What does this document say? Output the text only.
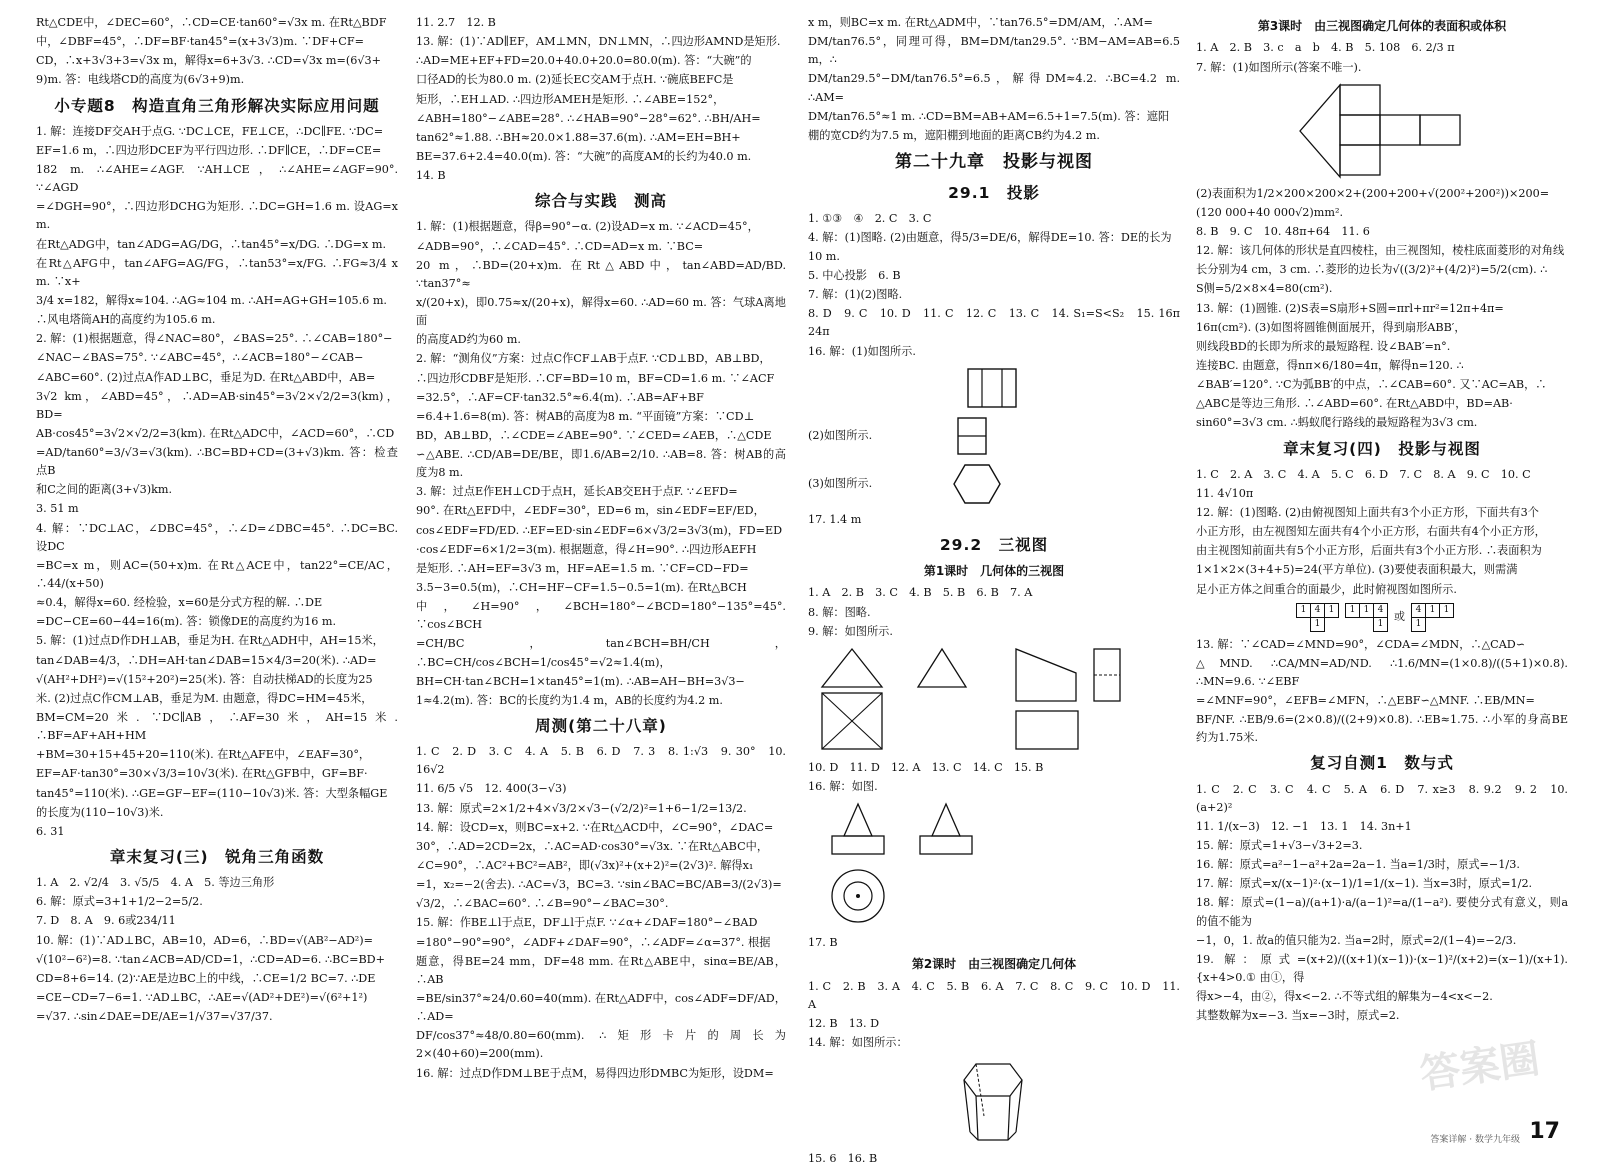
Rt△CDE中，∠DEC=60°，∴CD=CE·tan60°=√3x m. 在Rt△BDF
中，∠DBF=45°，∴DF=BF·tan45°=(x+3√3)m. ∵DF+CF=
CD，∴x+3√3+3=√3x m，解得x=6+3√3. ∴CD=√3x m=(6√3+
9)m. 答：电线塔CD的高度为(6√3+9)m.
小专题8　构造直角三角形解决实际应用问题
1. 解：连接DF交AH于点G. ∵DC⊥CE，FE⊥CE，∴DC∥FE. ∵DC=
EF=1.6 m，∴四边形DCEF为平行四边形. ∴DF∥CE，∴DF=CE=
182 m. ∴∠AHE=∠AGF. ∵AH⊥CE，∴∠AHE=∠AGF=90°. ∵∠AGD
=∠DGH=90°，∴四边形DCHG为矩形. ∴DC=GH=1.6 m. 设AG=x m.
在Rt△ADG中，tan∠ADG=AG/DG，∴tan45°=x/DG. ∴DG=x m.
在Rt△AFG中，tan∠AFG=AG/FG，∴tan53°=x/FG. ∴FG≈3/4 x m. ∵x+
3/4 x=182，解得x≈104. ∴AG≈104 m. ∴AH=AG+GH=105.6 m.
∴风电塔筒AH的高度约为105.6 m.
2. 解：(1)根据题意，得∠NAC=80°，∠BAS=25°. ∴∠CAB=180°−
∠NAC−∠BAS=75°. ∵∠ABC=45°，∴∠ACB=180°−∠CAB−
∠ABC=60°. (2)过点A作AD⊥BC，垂足为D. 在Rt△ABD中，AB=
3√2 km，∠ABD=45°，∴AD=AB·sin45°=3√2×√2/2=3(km)，BD=
AB·cos45°=3√2×√2/2=3(km). 在Rt△ADC中，∠ACD=60°，∴CD
=AD/tan60°=3/√3=√3(km). ∴BC=BD+CD=(3+√3)km. 答：检查点B
和C之间的距离(3+√3)km.
3. 51 m
4. 解：∵DC⊥AC，∠DBC=45°，∴∠D=∠DBC=45°. ∴DC=BC. 设DC
=BC=x m，则AC=(50+x)m. 在Rt△ACE中，tan22°=CE/AC，∴44/(x+50)
≈0.4，解得x=60. 经检验，x=60是分式方程的解. ∴DE
=DC−CE=60−44=16(m). 答：锁像DE的高度约为16 m.
5. 解：(1)过点D作DH⊥AB，垂足为H. 在Rt△ADH中，AH=15米，
tan∠DAB=4/3，∴DH=AH·tan∠DAB=15×4/3=20(米). ∴AD=
√(AH²+DH²)=√(15²+20²)=25(米). 答：自动扶梯AD的长度为25
米. (2)过点C作CM⊥AB，垂足为M. 由题意，得DC=HM=45米，
BM=CM=20米. ∵DC∥AB，∴AF=30米，AH=15米. ∴BF=AF+AH+HM
+BM=30+15+45+20=110(米). 在Rt△AFE中，∠EAF=30°，
EF=AF·tan30°=30×√3/3=10√3(米). 在Rt△GFB中，GF=BF·
tan45°=110(米). ∴GE=GF−EF=(110−10√3)米. 答：大型条幅GE
的长度为(110−10√3)米.
6. 31
章末复习(三)　锐角三角函数
1. A　2. √2/4　3. √5/5　4. A　5. 等边三角形
6. 解：原式=3+1+1/2−2=5/2.
7. D　8. A　9. 6或234/11
10. 解：(1)∵AD⊥BC，AB=10，AD=6，∴BD=√(AB²−AD²)=
√(10²−6²)=8. ∵tan∠ACB=AD/CD=1，∴CD=AD=6. ∴BC=BD+
CD=8+6=14. (2)∵AE是边BC上的中线，∴CE=1/2 BC=7. ∴DE
=CE−CD=7−6=1. ∵AD⊥BC，∴AE=√(AD²+DE²)=√(6²+1²)
=√37. ∴sin∠DAE=DE/AE=1/√37=√37/37.
11. 2.7　12. B
13. 解：(1)∵AD∥EF，AM⊥MN，DN⊥MN，∴四边形AMND是矩形.
∴AD=ME+EF+FD=20.0+40.0+20.0=80.0(m). 答：“大碗”的
口径AD的长为80.0 m. (2)延长EC交AM于点H. ∵碗底BEFC是
矩形，∴EH⊥AD. ∴四边形AMEH是矩形. ∴∠ABE=152°，
∠ABH=180°−∠ABE=28°. ∴∠HAB=90°−28°=62°. ∴BH/AH=
tan62°≈1.88. ∴BH≈20.0×1.88=37.6(m). ∴AM=EH=BH+
BE=37.6+2.4=40.0(m). 答：“大碗”的高度AM的长约为40.0 m.
14. B
综合与实践　测高
1. 解：(1)根据题意，得β=90°−α. (2)设AD=x m. ∵∠ACD=45°，
∠ADB=90°，∴∠CAD=45°. ∴CD=AD=x m. ∵BC=
20 m，∴BD=(20+x)m. 在Rt△ABD中，tan∠ABD=AD/BD. ∵tan37°≈
x/(20+x)，即0.75≈x/(20+x)，解得x=60. ∴AD=60 m. 答：气球A离地面
的高度AD约为60 m.
2. 解：“测角仪”方案：过点C作CF⊥AB于点F. ∵CD⊥BD，AB⊥BD，
∴四边形CDBF是矩形. ∴CF=BD=10 m，BF=CD=1.6 m. ∵∠ACF
=32.5°，∴AF=CF·tan32.5°≈6.4(m). ∴AB=AF+BF
=6.4+1.6=8(m). 答：树AB的高度为8 m. “平面镜”方案：∵CD⊥
BD，AB⊥BD，∴∠CDE=∠ABE=90°. ∵∠CED=∠AEB，∴△CDE
∽△ABE. ∴CD/AB=DE/BE，即1.6/AB=2/10. ∴AB=8. 答：树AB的高度为8 m.
3. 解：过点E作EH⊥CD于点H，延长AB交EH于点F. ∵∠EFD=
90°. 在Rt△EFD中，∠EDF=30°，ED=6 m，sin∠EDF=EF/ED，
cos∠EDF=FD/ED. ∴EF=ED·sin∠EDF=6×√3/2=3√3(m)，FD=ED
·cos∠EDF=6×1/2=3(m). 根据题意，得∠H=90°. ∴四边形AEFH
是矩形. ∴AH=EF=3√3 m，HF=AE=1.5 m. ∵CF=CD−FD=
3.5−3=0.5(m)，∴CH=HF−CF=1.5−0.5=1(m). 在Rt△BCH
中，∠H=90°，∠BCH=180°−∠BCD=180°−135°=45°. ∵cos∠BCH
=CH/BC，tan∠BCH=BH/CH，∴BC=CH/cos∠BCH=1/cos45°=√2≈1.4(m)，
BH=CH·tan∠BCH=1×tan45°=1(m). ∴AB=AH−BH=3√3−
1≈4.2(m). 答：BC的长度约为1.4 m，AB的长度约为4.2 m.
周测(第二十八章)
1. C　2. D　3. C　4. A　5. B　6. D　7. 3　8. 1:√3　9. 30°　10. 16√2
11. 6/5 √5　12. 400(3−√3)
13. 解：原式=2×1/2+4×√3/2×√3−(√2/2)²=1+6−1/2=13/2.
14. 解：设CD=x，则BC=x+2. ∵在Rt△ACD中，∠C=90°，∠DAC=
30°，∴AD=2CD=2x，∴AC=AD·cos30°=√3x. ∵在Rt△ABC中，
∠C=90°，∴AC²+BC²=AB²，即(√3x)²+(x+2)²=(2√3)². 解得x₁
=1，x₂=−2(舍去). ∴AC=√3，BC=3. ∵sin∠BAC=BC/AB=3/(2√3)=
√3/2，∴∠BAC=60°. ∴∠B=90°−∠BAC=30°.
15. 解：作BE⊥l于点E，DF⊥l于点F. ∵∠α+∠DAF=180°−∠BAD
=180°−90°=90°，∠ADF+∠DAF=90°，∴∠ADF=∠α=37°. 根据
题意，得BE=24 mm，DF=48 mm. 在Rt△ABE中，sinα=BE/AB，∴AB
=BE/sin37°≈24/0.60=40(mm). 在Rt△ADF中，cos∠ADF=DF/AD，∴AD=
DF/cos37°≈48/0.80=60(mm). ∴矩形卡片的周长为2×(40+60)=200(mm).
16. 解：过点D作DM⊥BE于点M，易得四边形DMBC为矩形，设DM=
x m，则BC=x m. 在Rt△ADM中，∵tan76.5°=DM/AM，∴AM=
DM/tan76.5°，同理可得，BM=DM/tan29.5°. ∵BM−AM=AB=6.5 m，∴
DM/tan29.5°−DM/tan76.5°=6.5，解得DM≈4.2. ∴BC=4.2 m. ∴AM=
DM/tan76.5°≈1 m. ∴CD=BM=AB+AM=6.5+1=7.5(m). 答：遮阳
棚的宽CD约为7.5 m，遮阳棚到地面的距离CB约为4.2 m.
第二十九章　投影与视图
29.1　投影
1. ①③　④　2. C　3. C
4. 解：(1)图略. (2)由题意，得5/3=DE/6，解得DE=10. 答：DE的长为
10 m.
5. 中心投影　6. B
7. 解：(1)(2)图略.
8. D　9. C　10. D　11. C　12. C　13. C　14. S₁=S<S₂　15. 16π　24π
16. 解：(1)如图所示.
(2)如图所示.
(3)如图所示.
17. 1.4 m
29.2　三视图
第1课时　几何体的三视图
1. A　2. B　3. C　4. B　5. B　6. B　7. A
8. 解：图略.
9. 解：如图所示.
10. D　11. D　12. A　13. C　14. C　15. B
16. 解：如图.
17. B
第2课时　由三视图确定几何体
1. C　2. B　3. A　4. C　5. B　6. A　7. C　8. C　9. C　10. D　11. A
12. B　13. D
14. 解：如图所示：
15. 6　16. B
第3课时　由三视图确定几何体的表面积或体积
1. A　2. B　3. c　a　b　4. B　5. 108　6. 2/3 π
7. 解：(1)如图所示(答案不唯一).
(2)表面积为1/2×200×200×2+(200+200+√(200²+200²))×200=
(120 000+40 000√2)mm².
8. B　9. C　10. 48π+64　11. 6
12. 解：该几何体的形状是直四棱柱，由三视图知，棱柱底面菱形的对角线
长分别为4 cm，3 cm. ∴菱形的边长为√((3/2)²+(4/2)²)=5/2(cm). ∴
S侧=5/2×8×4=80(cm²).
13. 解：(1)圆锥. (2)S表=S扇形+S圆=πrl+πr²=12π+4π=
16π(cm²). (3)如图将圆锥侧面展开，得到扇形ABB′，
则线段BD的长即为所求的最短路程. 设∠BAB′=n°.
连接BC. 由题意，得nπ×6/180=4π，解得n=120. ∴
∠BAB′=120°. ∵C为弧BB′的中点，∴∠CAB=60°. 又∵AC=AB，∴
△ABC是等边三角形. ∴∠ABD=60°. 在Rt△ABD中，BD=AB·
sin60°=3√3 cm. ∴蚂蚁爬行路线的最短路程为3√3 cm.
章末复习(四)　投影与视图
1. C　2. A　3. C　4. A　5. C　6. D　7. C　8. A　9. C　10. C
11. 4√10π
12. 解：(1)图略. (2)由俯视图知上面共有3个小正方形，下面共有3个
小正方形，由左视图知左面共有4个小正方形，右面共有4个小正方形，
由主视图知前面共有5个小正方形，后面共有3个小正方形. ∴表面积为
1×1×2×(3+4+5)=24(平方单位). (3)要使表面积最大，则需满
足小正方体之间重合的面最少，此时俯视图如图所示.
1	4	1
	1	
1	1	4
		1
或
4	1	1
1		
13. 解：∵∠CAD=∠MND=90°，∠CDA=∠MDN，∴△CAD∽
△MND. ∴CA/MN=AD/ND. ∴1.6/MN=(1×0.8)/((5+1)×0.8). ∴MN=9.6. ∵∠EBF
=∠MNF=90°，∠EFB=∠MFN，∴△EBF∽△MNF. ∴EB/MN=
BF/NF. ∴EB/9.6=(2×0.8)/((2+9)×0.8). ∴EB≈1.75. ∴小军的身高BE约为1.75米.
复习自测1　数与式
1. C　2. C　3. C　4. C　5. A　6. D　7. x≥3　8. 9.2　9. 2　10. (a+2)²
11. 1/(x−3)　12. −1　13. 1　14. 3n+1
15. 解：原式=1+√3−√3+2=3.
16. 解：原式=a²−1−a²+2a=2a−1. 当a=1/3时，原式=−1/3.
17. 解：原式=x/(x−1)²·(x−1)/1=1/(x−1). 当x=3时，原式=1/2.
18. 解：原式=(1−a)/(a+1)·a/(a−1)²=a/(1−a²). 要使分式有意义，则a的值不能为
−1，0，1. 故a的值只能为2. 当a=2时，原式=2/(1−4)=−2/3.
19. 解：原式=(x+2)/((x+1)(x−1))·(x−1)²/(x+2)=(x−1)/(x+1). {x+4>0.① 由①，得
得x>−4，由②，得x<−2. ∴不等式组的解集为−4<x<−2.
其整数解为x=−3. 当x=−3时，原式=2.
答案圈
答案详解 · 数学九年级 17
